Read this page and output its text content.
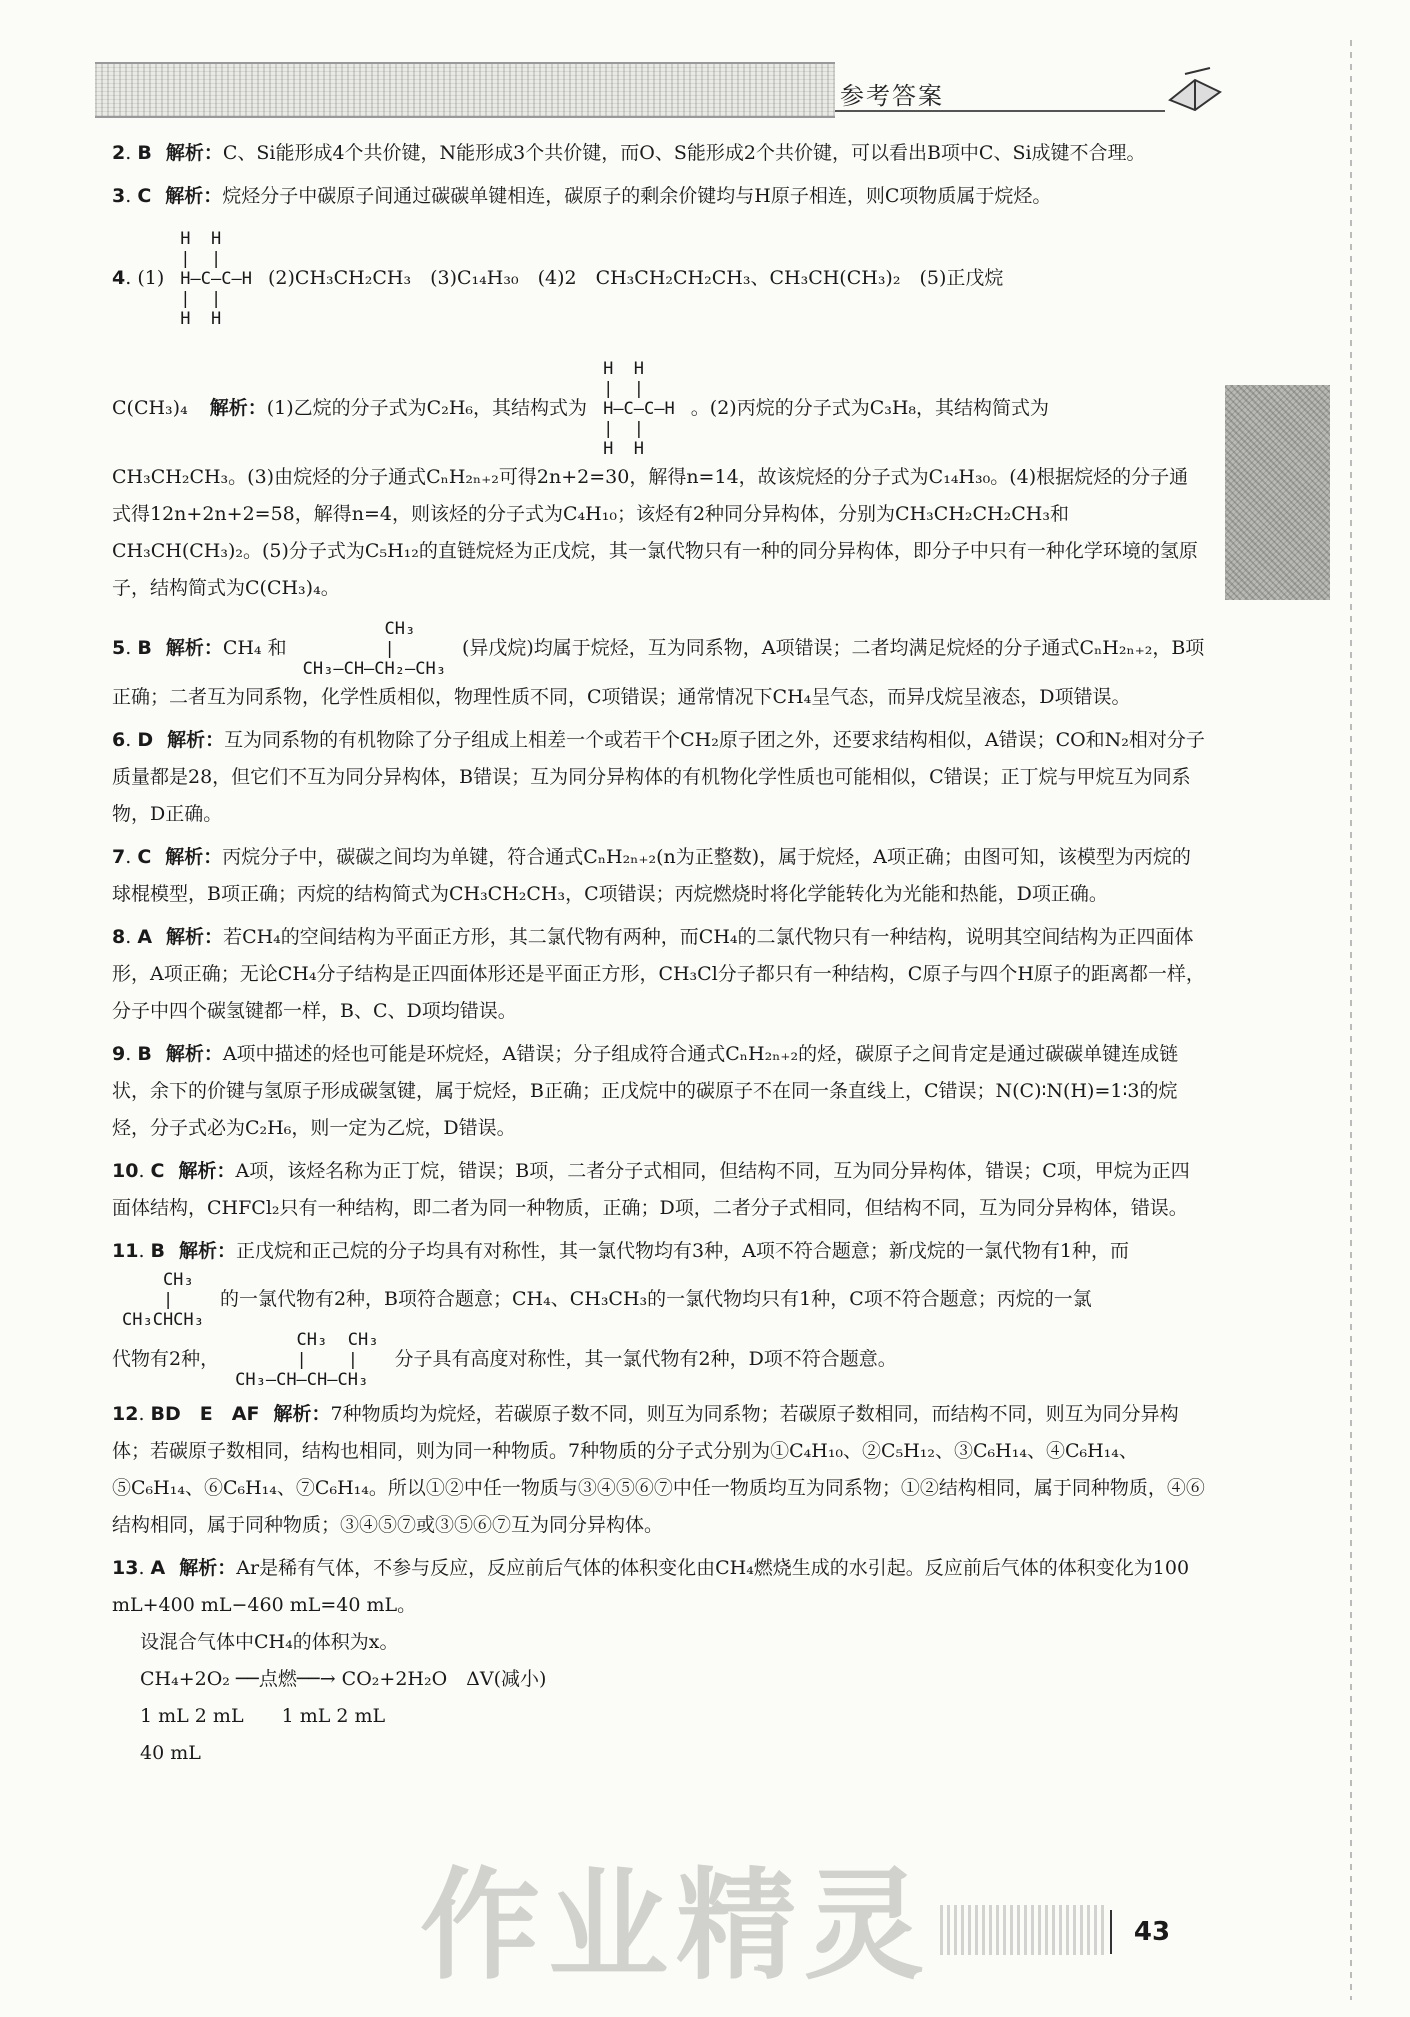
参考答案
2. B 解析：C、Si能形成4个共价键，N能形成3个共价键，而O、S能形成2个共价键，可以看出B项中C、Si成键不合理。
3. C 解析：烷烃分子中碳原子间通过碳碳单键相连，碳原子的剩余价键均与H原子相连，则C项物质属于烷烃。
4. (1)
H  H
|  |
H—C—C—H
|  |
H  H
(2)CH₃CH₂CH₃　(3)C₁₄H₃₀　(4)2　CH₃CH₂CH₂CH₃、CH₃CH(CH₃)₂　(5)正戊烷
C(CH₃)₄ 解析：(1)乙烷的分子式为C₂H₆，其结构式为
H  H
|  |
H—C—C—H
|  |
H  H
。(2)丙烷的分子式为C₃H₈，其结构简式为
CH₃CH₂CH₃。(3)由烷烃的分子通式CₙH₂ₙ₊₂可得2n+2=30，解得n=14，故该烷烃的分子式为C₁₄H₃₀。(4)根据烷烃的分子通式得12n+2n+2=58，解得n=4，则该烃的分子式为C₄H₁₀；该烃有2种同分异构体，分别为CH₃CH₂CH₂CH₃和CH₃CH(CH₃)₂。(5)分子式为C₅H₁₂的直链烷烃为正戊烷，其一氯代物只有一种的同分异构体，即分子中只有一种化学环境的氢原子，结构简式为C(CH₃)₄。
5. B 解析：CH₄ 和
CH₃
|
CH₃—CH—CH₂—CH₃
(异戊烷)均属于烷烃，互为同系物，A项错误；二者均满足烷烃的分子通式CₙH₂ₙ₊₂，B项正确；二者互为同系物，化学性质相似，物理性质不同，C项错误；通常情况下CH₄呈气态，而异戊烷呈液态，D项错误。
6. D 解析：互为同系物的有机物除了分子组成上相差一个或若干个CH₂原子团之外，还要求结构相似，A错误；CO和N₂相对分子质量都是28，但它们不互为同分异构体，B错误；互为同分异构体的有机物化学性质也可能相似，C错误；正丁烷与甲烷互为同系物，D正确。
7. C 解析：丙烷分子中，碳碳之间均为单键，符合通式CₙH₂ₙ₊₂(n为正整数)，属于烷烃，A项正确；由图可知，该模型为丙烷的球棍模型，B项正确；丙烷的结构简式为CH₃CH₂CH₃，C项错误；丙烷燃烧时将化学能转化为光能和热能，D项正确。
8. A 解析：若CH₄的空间结构为平面正方形，其二氯代物有两种，而CH₄的二氯代物只有一种结构，说明其空间结构为正四面体形，A项正确；无论CH₄分子结构是正四面体形还是平面正方形，CH₃Cl分子都只有一种结构，C原子与四个H原子的距离都一样，分子中四个碳氢键都一样，B、C、D项均错误。
9. B 解析：A项中描述的烃也可能是环烷烃，A错误；分子组成符合通式CₙH₂ₙ₊₂的烃，碳原子之间肯定是通过碳碳单键连成链状，余下的价键与氢原子形成碳氢键，属于烷烃，B正确；正戊烷中的碳原子不在同一条直线上，C错误；N(C)∶N(H)=1∶3的烷烃，分子式必为C₂H₆，则一定为乙烷，D错误。
10. C 解析：A项，该烃名称为正丁烷，错误；B项，二者分子式相同，但结构不同，互为同分异构体，错误；C项，甲烷为正四面体结构，CHFCl₂只有一种结构，即二者为同一种物质，正确；D项，二者分子式相同，但结构不同，互为同分异构体，错误。
11. B 解析：正戊烷和正己烷的分子均具有对称性，其一氯代物均有3种，A项不符合题意；新戊烷的一氯代物有1种，而
CH₃
|
CH₃CHCH₃
的一氯代物有2种，B项符合题意；CH₄、CH₃CH₃的一氯代物均只有1种，C项不符合题意；丙烷的一氯
代物有2种，
CH₃  CH₃
|    |
CH₃—CH—CH—CH₃
分子具有高度对称性，其一氯代物有2种，D项不符合题意。
12. BD　E　AF 解析：7种物质均为烷烃，若碳原子数不同，则互为同系物；若碳原子数相同，而结构不同，则互为同分异构体；若碳原子数相同，结构也相同，则为同一种物质。7种物质的分子式分别为①C₄H₁₀、②C₅H₁₂、③C₆H₁₄、④C₆H₁₄、⑤C₆H₁₄、⑥C₆H₁₄、⑦C₆H₁₄。所以①②中任一物质与③④⑤⑥⑦中任一物质均互为同系物；①②结构相同，属于同种物质，④⑥结构相同，属于同种物质；③④⑤⑦或③⑤⑥⑦互为同分异构体。
13. A 解析：Ar是稀有气体，不参与反应，反应前后气体的体积变化由CH₄燃烧生成的水引起。反应前后气体的体积变化为100 mL+400 mL−460 mL=40 mL。
设混合气体中CH₄的体积为x。
CH₄+2O₂ ──点燃──→ CO₂+2H₂O　ΔV(减小)
1 mL 2 mL　　1 mL 2 mL
40 mL
作业精灵	43
